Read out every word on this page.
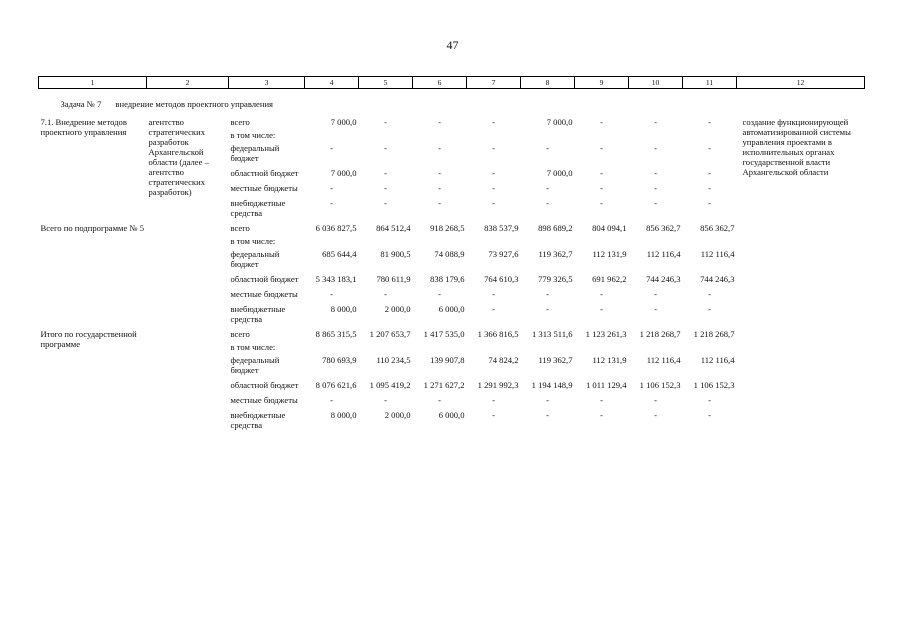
47
1	2	3	4	5	6	7	8	9	10	11	12
Задача № 7 внедрение методов проектного управления											
7.1. Внедрение методов проектного управления	агентство стратегических разработок Архангельской области (далее – агентство стратегических разработок)	всего	7 000,0	-	-	-	7 000,0	-	-	-	создание функционирующей автоматизированной системы управления проектами в исполнительных органах государственной власти Архангельской области
		в том числе:									
		федеральный бюджет	-	-	-	-	-	-	-	-	
		областной бюджет	7 000,0	-	-	-	7 000,0	-	-	-	
		местные бюджеты	-	-	-	-	-	-	-	-	
		внебюджетные средства	-	-	-	-	-	-	-	-	
Всего по подпрограмме № 5		всего	6 036 827,5	864 512,4	918 268,5	838 537,9	898 689,2	804 094,1	856 362,7	856 362,7	
		в том числе:									
		федеральный бюджет	685 644,4	81 900,5	74 088,9	73 927,6	119 362,7	112 131,9	112 116,4	112 116,4	
		областной бюджет	5 343 183,1	780 611,9	838 179,6	764 610,3	779 326,5	691 962,2	744 246,3	744 246,3	
		местные бюджеты	-	-	-	-	-	-	-	-	
		внебюджетные средства	8 000,0	2 000,0	6 000,0	-	-	-	-	-	
Итого по государственной программе		всего	8 865 315,5	1 207 653,7	1 417 535,0	1 366 816,5	1 313 511,6	1 123 261,3	1 218 268,7	1 218 268,7	
		в том числе:									
		федеральный бюджет	780 693,9	110 234,5	139 907,8	74 824,2	119 362,7	112 131,9	112 116,4	112 116,4	
		областной бюджет	8 076 621,6	1 095 419,2	1 271 627,2	1 291 992,3	1 194 148,9	1 011 129,4	1 106 152,3	1 106 152,3	
		местные бюджеты	-	-	-	-	-	-	-	-	
		внебюджетные средства	8 000,0	2 000,0	6 000,0	-	-	-	-	-	
